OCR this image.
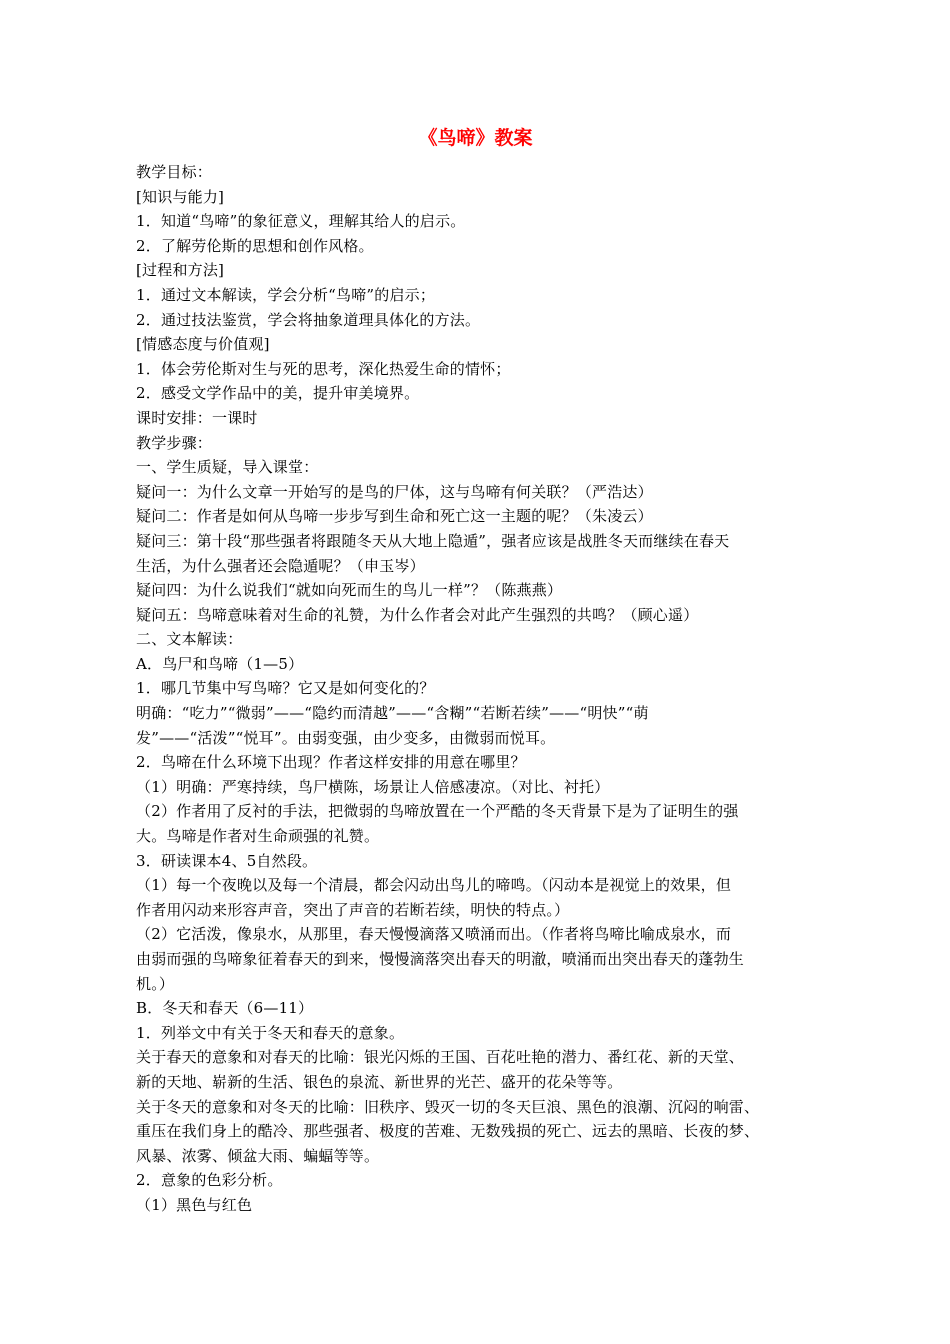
《鸟啼》教案
教学目标：
[知识与能力]
1．知道“鸟啼”的象征意义，理解其给人的启示。
2．了解劳伦斯的思想和创作风格。
[过程和方法]
1．通过文本解读，学会分析“鸟啼”的启示；
2．通过技法鉴赏，学会将抽象道理具体化的方法。
[情感态度与价值观]
1．体会劳伦斯对生与死的思考，深化热爱生命的情怀；
2．感受文学作品中的美，提升审美境界。
课时安排：一课时
教学步骤：
一、学生质疑，导入课堂：
疑问一：为什么文章一开始写的是鸟的尸体，这与鸟啼有何关联？（严浩达）
疑问二：作者是如何从鸟啼一步步写到生命和死亡这一主题的呢？（朱凌云）
疑问三：第十段“那些强者将跟随冬天从大地上隐遁”，强者应该是战胜冬天而继续在春天
生活，为什么强者还会隐遁呢？（申玉岑）
疑问四：为什么说我们“就如向死而生的鸟儿一样”？（陈燕燕）
疑问五：鸟啼意味着对生命的礼赞，为什么作者会对此产生强烈的共鸣？（顾心遥）
二、文本解读：
A．鸟尸和鸟啼（1—5）
1．哪几节集中写鸟啼？它又是如何变化的？
明确：“吃力”“微弱”——“隐约而清越”——“含糊”“若断若续”——“明快”“萌
发”——“活泼”“悦耳”。由弱变强，由少变多，由微弱而悦耳。
2．鸟啼在什么环境下出现？作者这样安排的用意在哪里？
（1）明确：严寒持续，鸟尸横陈，场景让人倍感凄凉。（对比、衬托）
（2）作者用了反衬的手法，把微弱的鸟啼放置在一个严酷的冬天背景下是为了证明生的强
大。鸟啼是作者对生命顽强的礼赞。
3．研读课本4、5自然段。
（1）每一个夜晚以及每一个清晨，都会闪动出鸟儿的啼鸣。（闪动本是视觉上的效果，但
作者用闪动来形容声音，突出了声音的若断若续，明快的特点。）
（2）它活泼，像泉水，从那里，春天慢慢滴落又喷涌而出。（作者将鸟啼比喻成泉水，而
由弱而强的鸟啼象征着春天的到来，慢慢滴落突出春天的明澈，喷涌而出突出春天的蓬勃生
机。）
B．冬天和春天（6—11）
1．列举文中有关于冬天和春天的意象。
关于春天的意象和对春天的比喻：银光闪烁的王国、百花吐艳的潜力、番红花、新的天堂、
新的天地、崭新的生活、银色的泉流、新世界的光芒、盛开的花朵等等。
关于冬天的意象和对冬天的比喻：旧秩序、毁灭一切的冬天巨浪、黑色的浪潮、沉闷的响雷、
重压在我们身上的酷冷、那些强者、极度的苦难、无数残损的死亡、远去的黑暗、长夜的梦、
风暴、浓雾、倾盆大雨、蝙蝠等等。
2．意象的色彩分析。
（1）黑色与红色
